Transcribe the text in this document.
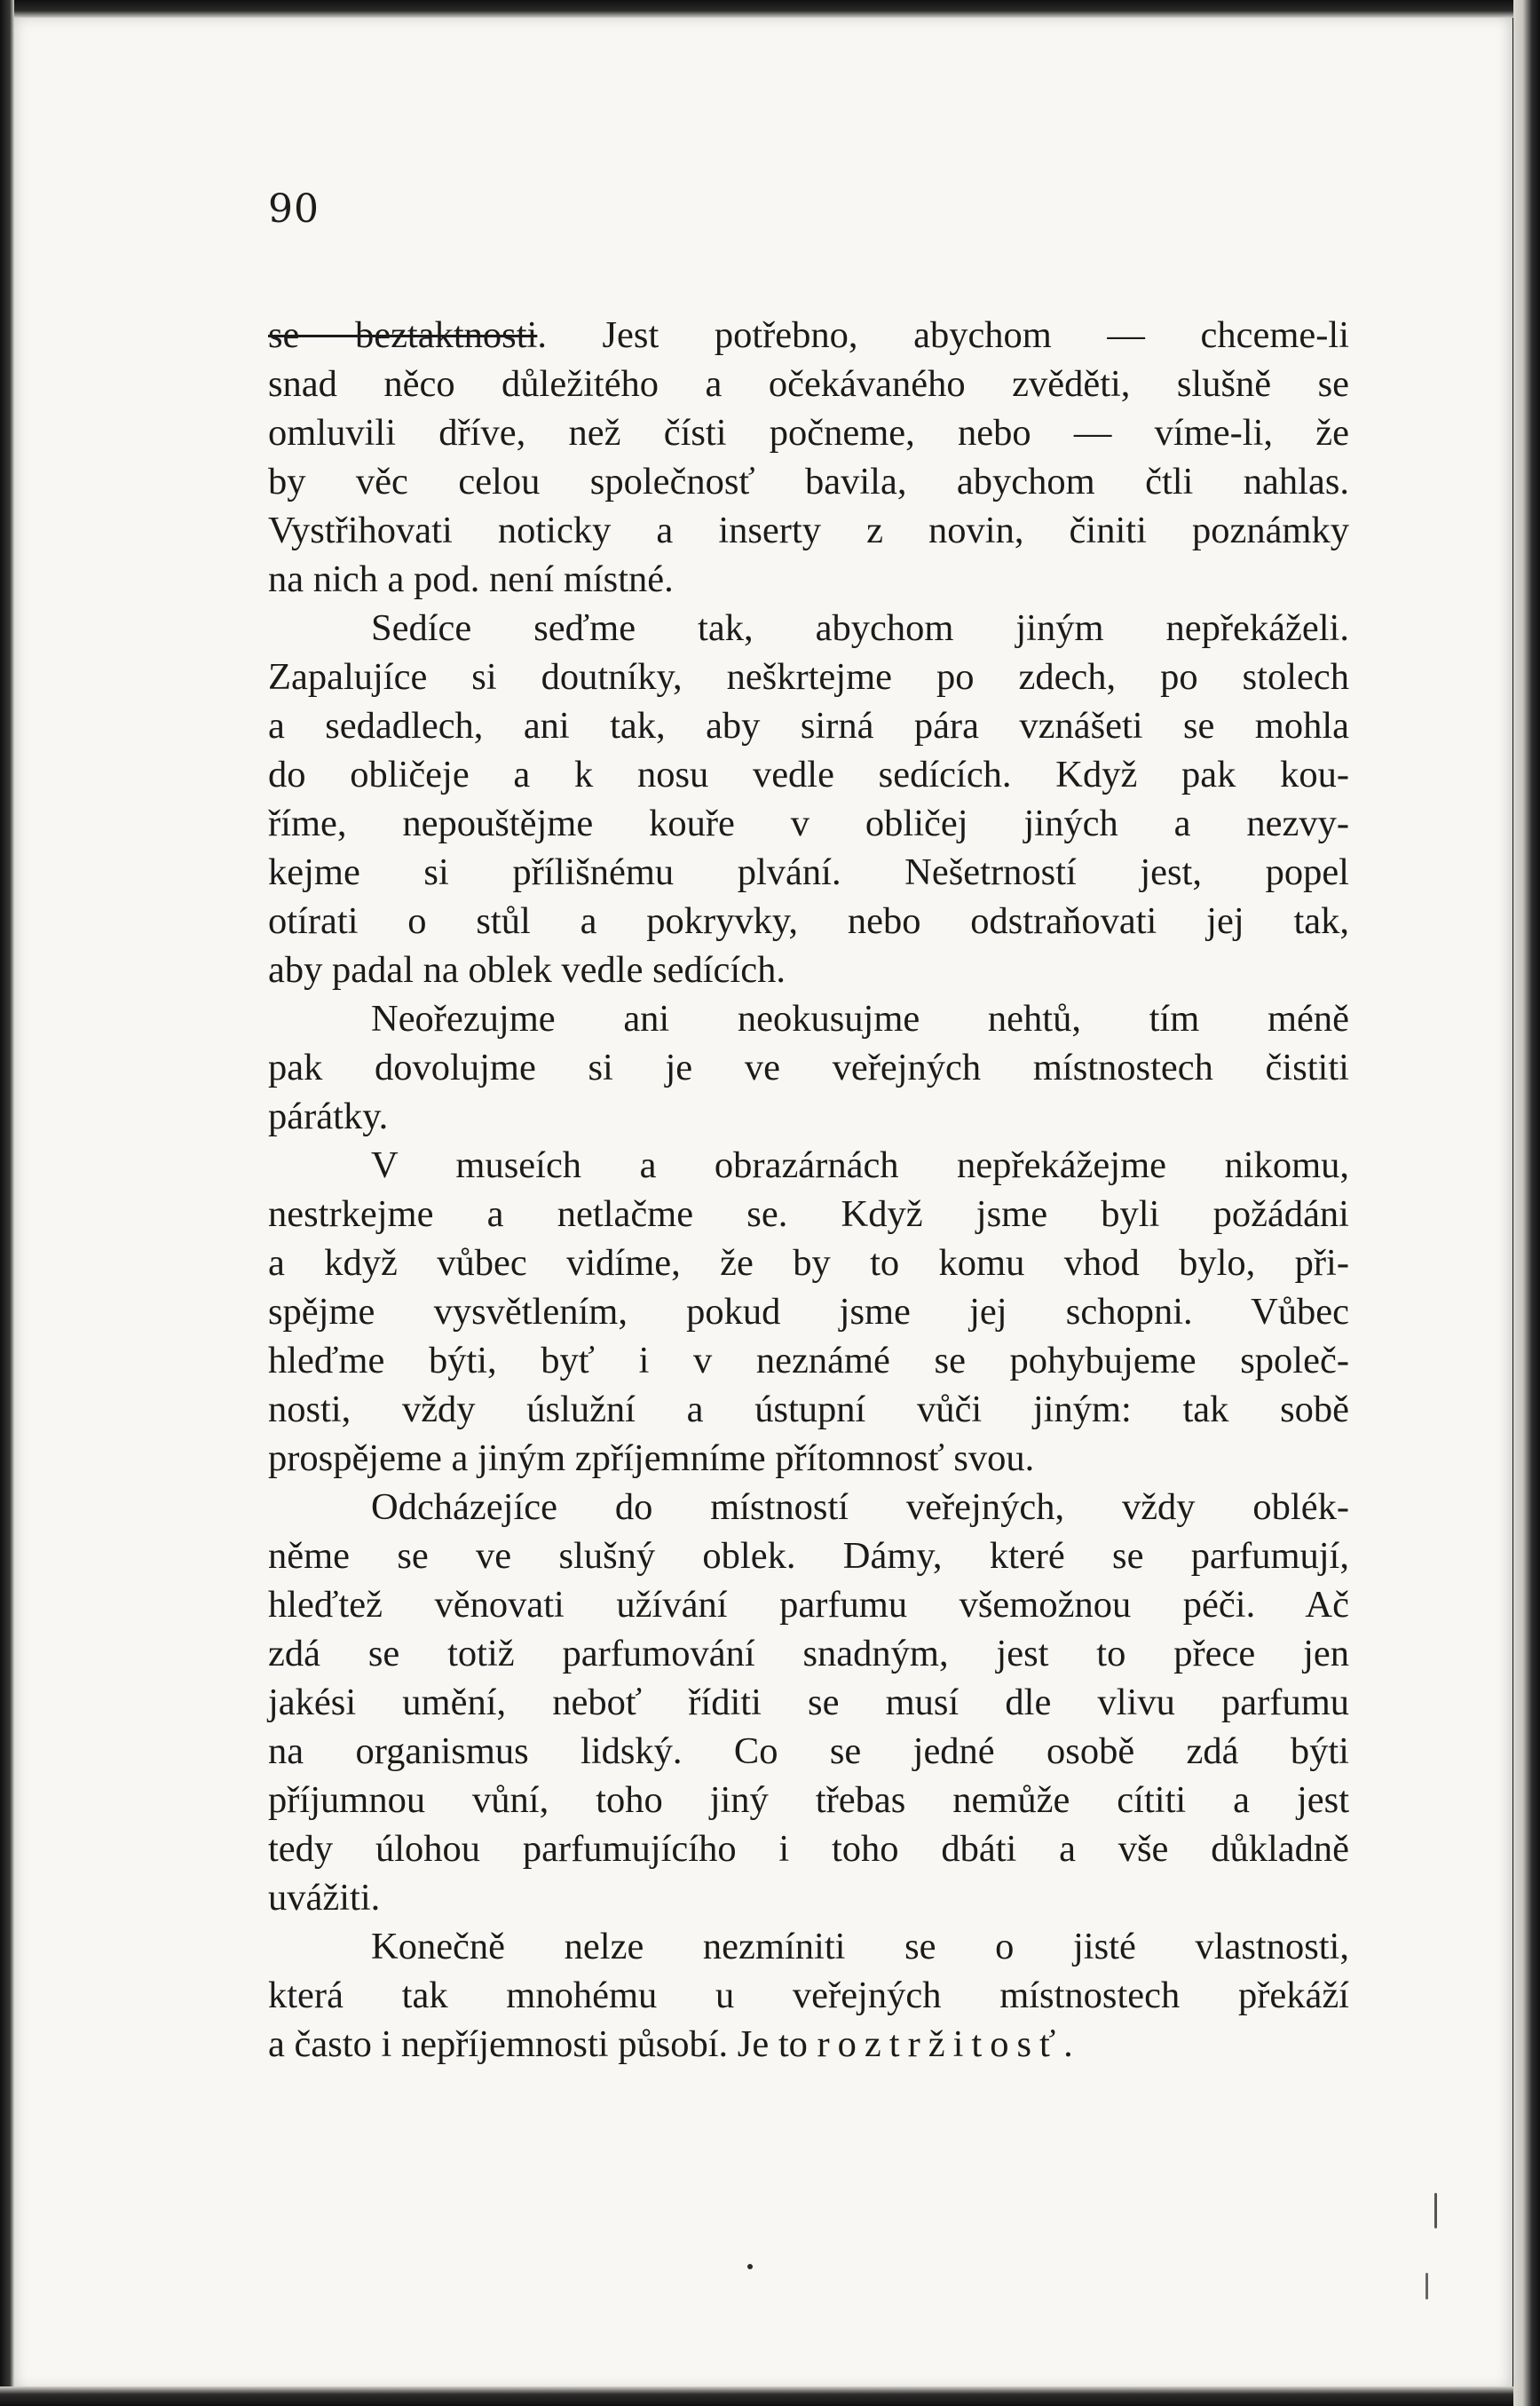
90
se beztaktnosti. Jest potřebno, abychom — chceme-li
snad něco důležitého a očekávaného zvěděti, slušně se
omluvili dříve, než čísti počneme, nebo — víme-li, že
by věc celou společnosť bavila, abychom čtli nahlas.
Vystřihovati noticky a inserty z novin, činiti poznámky
na nich a pod. není místné.
Sedíce seďme tak, abychom jiným nepřekáželi.
Zapalujíce si doutníky, neškrtejme po zdech, po stolech
a sedadlech, ani tak, aby sirná pára vznášeti se mohla
do obličeje a k nosu vedle sedících. Když pak kou-
říme, nepouštějme kouře v obličej jiných a nezvy-
kejme si přílišnému plvání. Nešetrností jest, popel
otírati o stůl a pokryvky, nebo odstraňovati jej tak,
aby padal na oblek vedle sedících.
Neořezujme ani neokusujme nehtů, tím méně
pak dovolujme si je ve veřejných místnostech čistiti
párátky.
V museích a obrazárnách nepřekážejme nikomu,
nestrkejme a netlačme se. Když jsme byli požádáni
a když vůbec vidíme, že by to komu vhod bylo, při-
spějme vysvětlením, pokud jsme jej schopni. Vůbec
hleďme býti, byť i v neznámé se pohybujeme společ-
nosti, vždy úslužní a ústupní vůči jiným: tak sobě
prospějeme a jiným zpříjemníme přítomnosť svou.
Odcházejíce do místností veřejných, vždy oblék-
něme se ve slušný oblek. Dámy, které se parfumují,
hleďtež věnovati užívání parfumu všemožnou péči. Ač
zdá se totiž parfumování snadným, jest to přece jen
jakési umění, neboť říditi se musí dle vlivu parfumu
na organismus lidský. Co se jedné osobě zdá býti
příjumnou vůní, toho jiný třebas nemůže cítiti a jest
tedy úlohou parfumujícího i toho dbáti a vše důkladně
uvážiti.
Konečně nelze nezmíniti se o jisté vlastnosti,
která tak mnohému u veřejných místnostech překáží
a často i nepříjemnosti působí. Je to roztržitosť.
